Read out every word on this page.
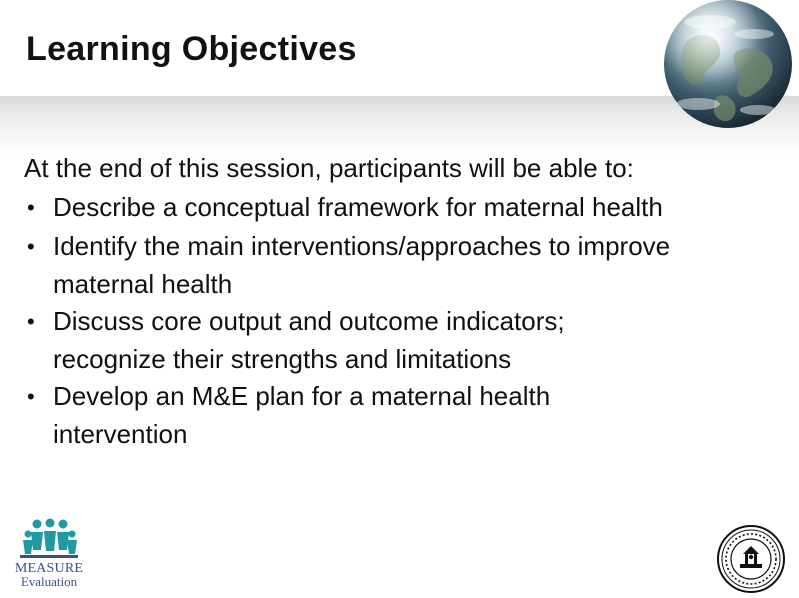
Learning Objectives
At the end of this session, participants will be able to:
• Describe a conceptual framework for maternal health
• Identify the main interventions/approaches to improve
maternal health
• Discuss core output and outcome indicators;
recognize their strengths and limitations
• Develop an M&E plan for a maternal health
intervention
MEASURE
Evaluation
